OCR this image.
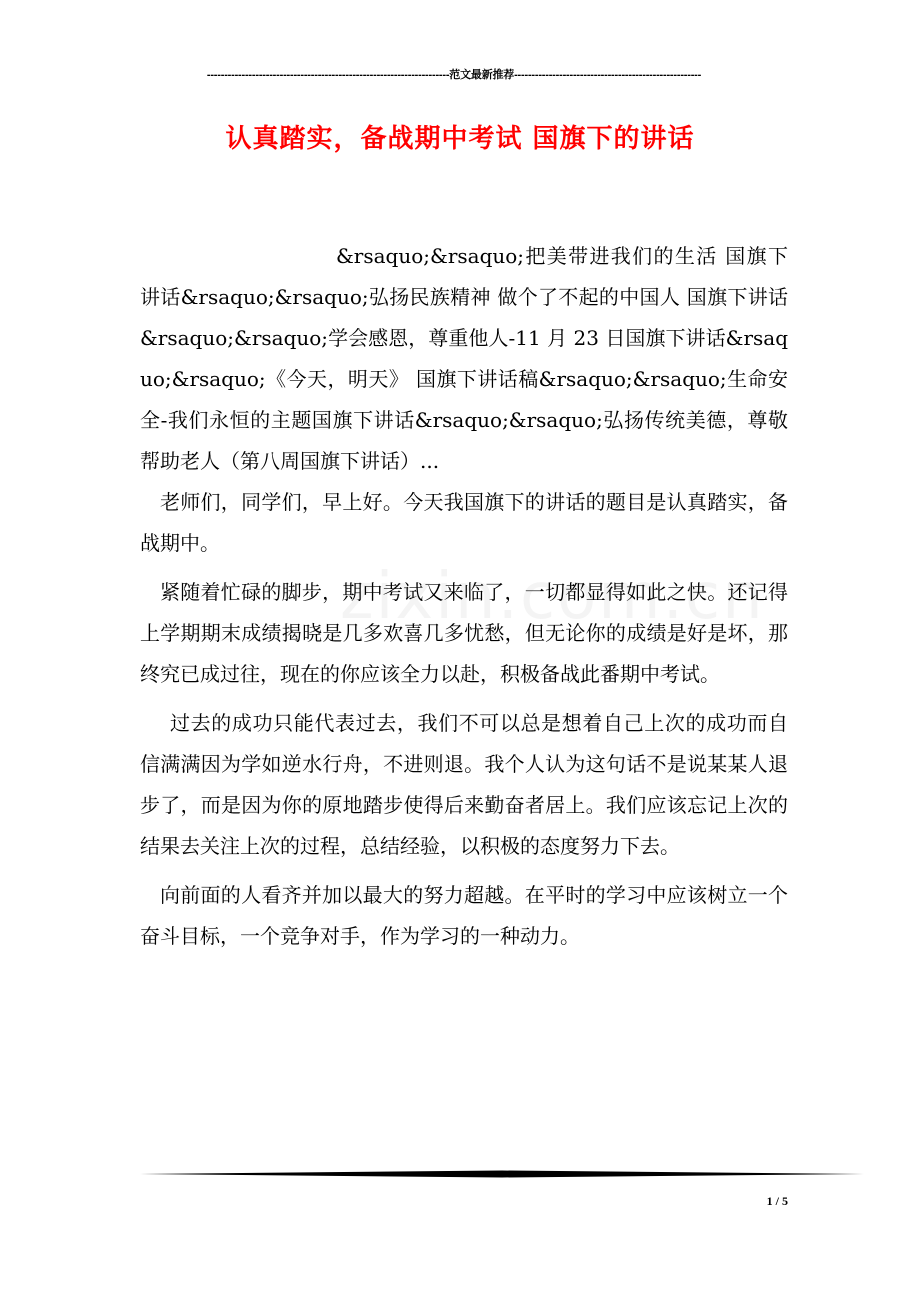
----------------------------------------------------------------------范文最新推荐------------------------------------------------------
认真踏实，备战期中考试 国旗下的讲话

&rsaquo;&rsaquo;把美带进我们的生活 国旗下讲话&rsaquo;&rsaquo;弘扬民族精神 做个了不起的中国人 国旗下讲话&rsaquo;&rsaquo;学会感恩，尊重他人-11 月 23 日国旗下讲话&rsaquo;&rsaquo;《今天，明天》 国旗下讲话稿&rsaquo;&rsaquo;生命安全-我们永恒的主题国旗下讲话&rsaquo;&rsaquo;弘扬传统美德，尊敬帮助老人（第八周国旗下讲话）...

老师们，同学们，早上好。今天我国旗下的讲话的题目是认真踏实，备战期中。

紧随着忙碌的脚步，期中考试又来临了，一切都显得如此之快。还记得上学期期末成绩揭晓是几多欢喜几多忧愁，但无论你的成绩是好是坏，那终究已成过往，现在的你应该全力以赴，积极备战此番期中考试。

过去的成功只能代表过去，我们不可以总是想着自己上次的成功而自信满满因为学如逆水行舟，不进则退。我个人认为这句话不是说某某人退步了，而是因为你的原地踏步使得后来勤奋者居上。我们应该忘记上次的结果去关注上次的过程，总结经验，以积极的态度努力下去。

向前面的人看齐并加以最大的努力超越。在平时的学习中应该树立一个奋斗目标，一个竞争对手，作为学习的一种动力。

1 / 5
